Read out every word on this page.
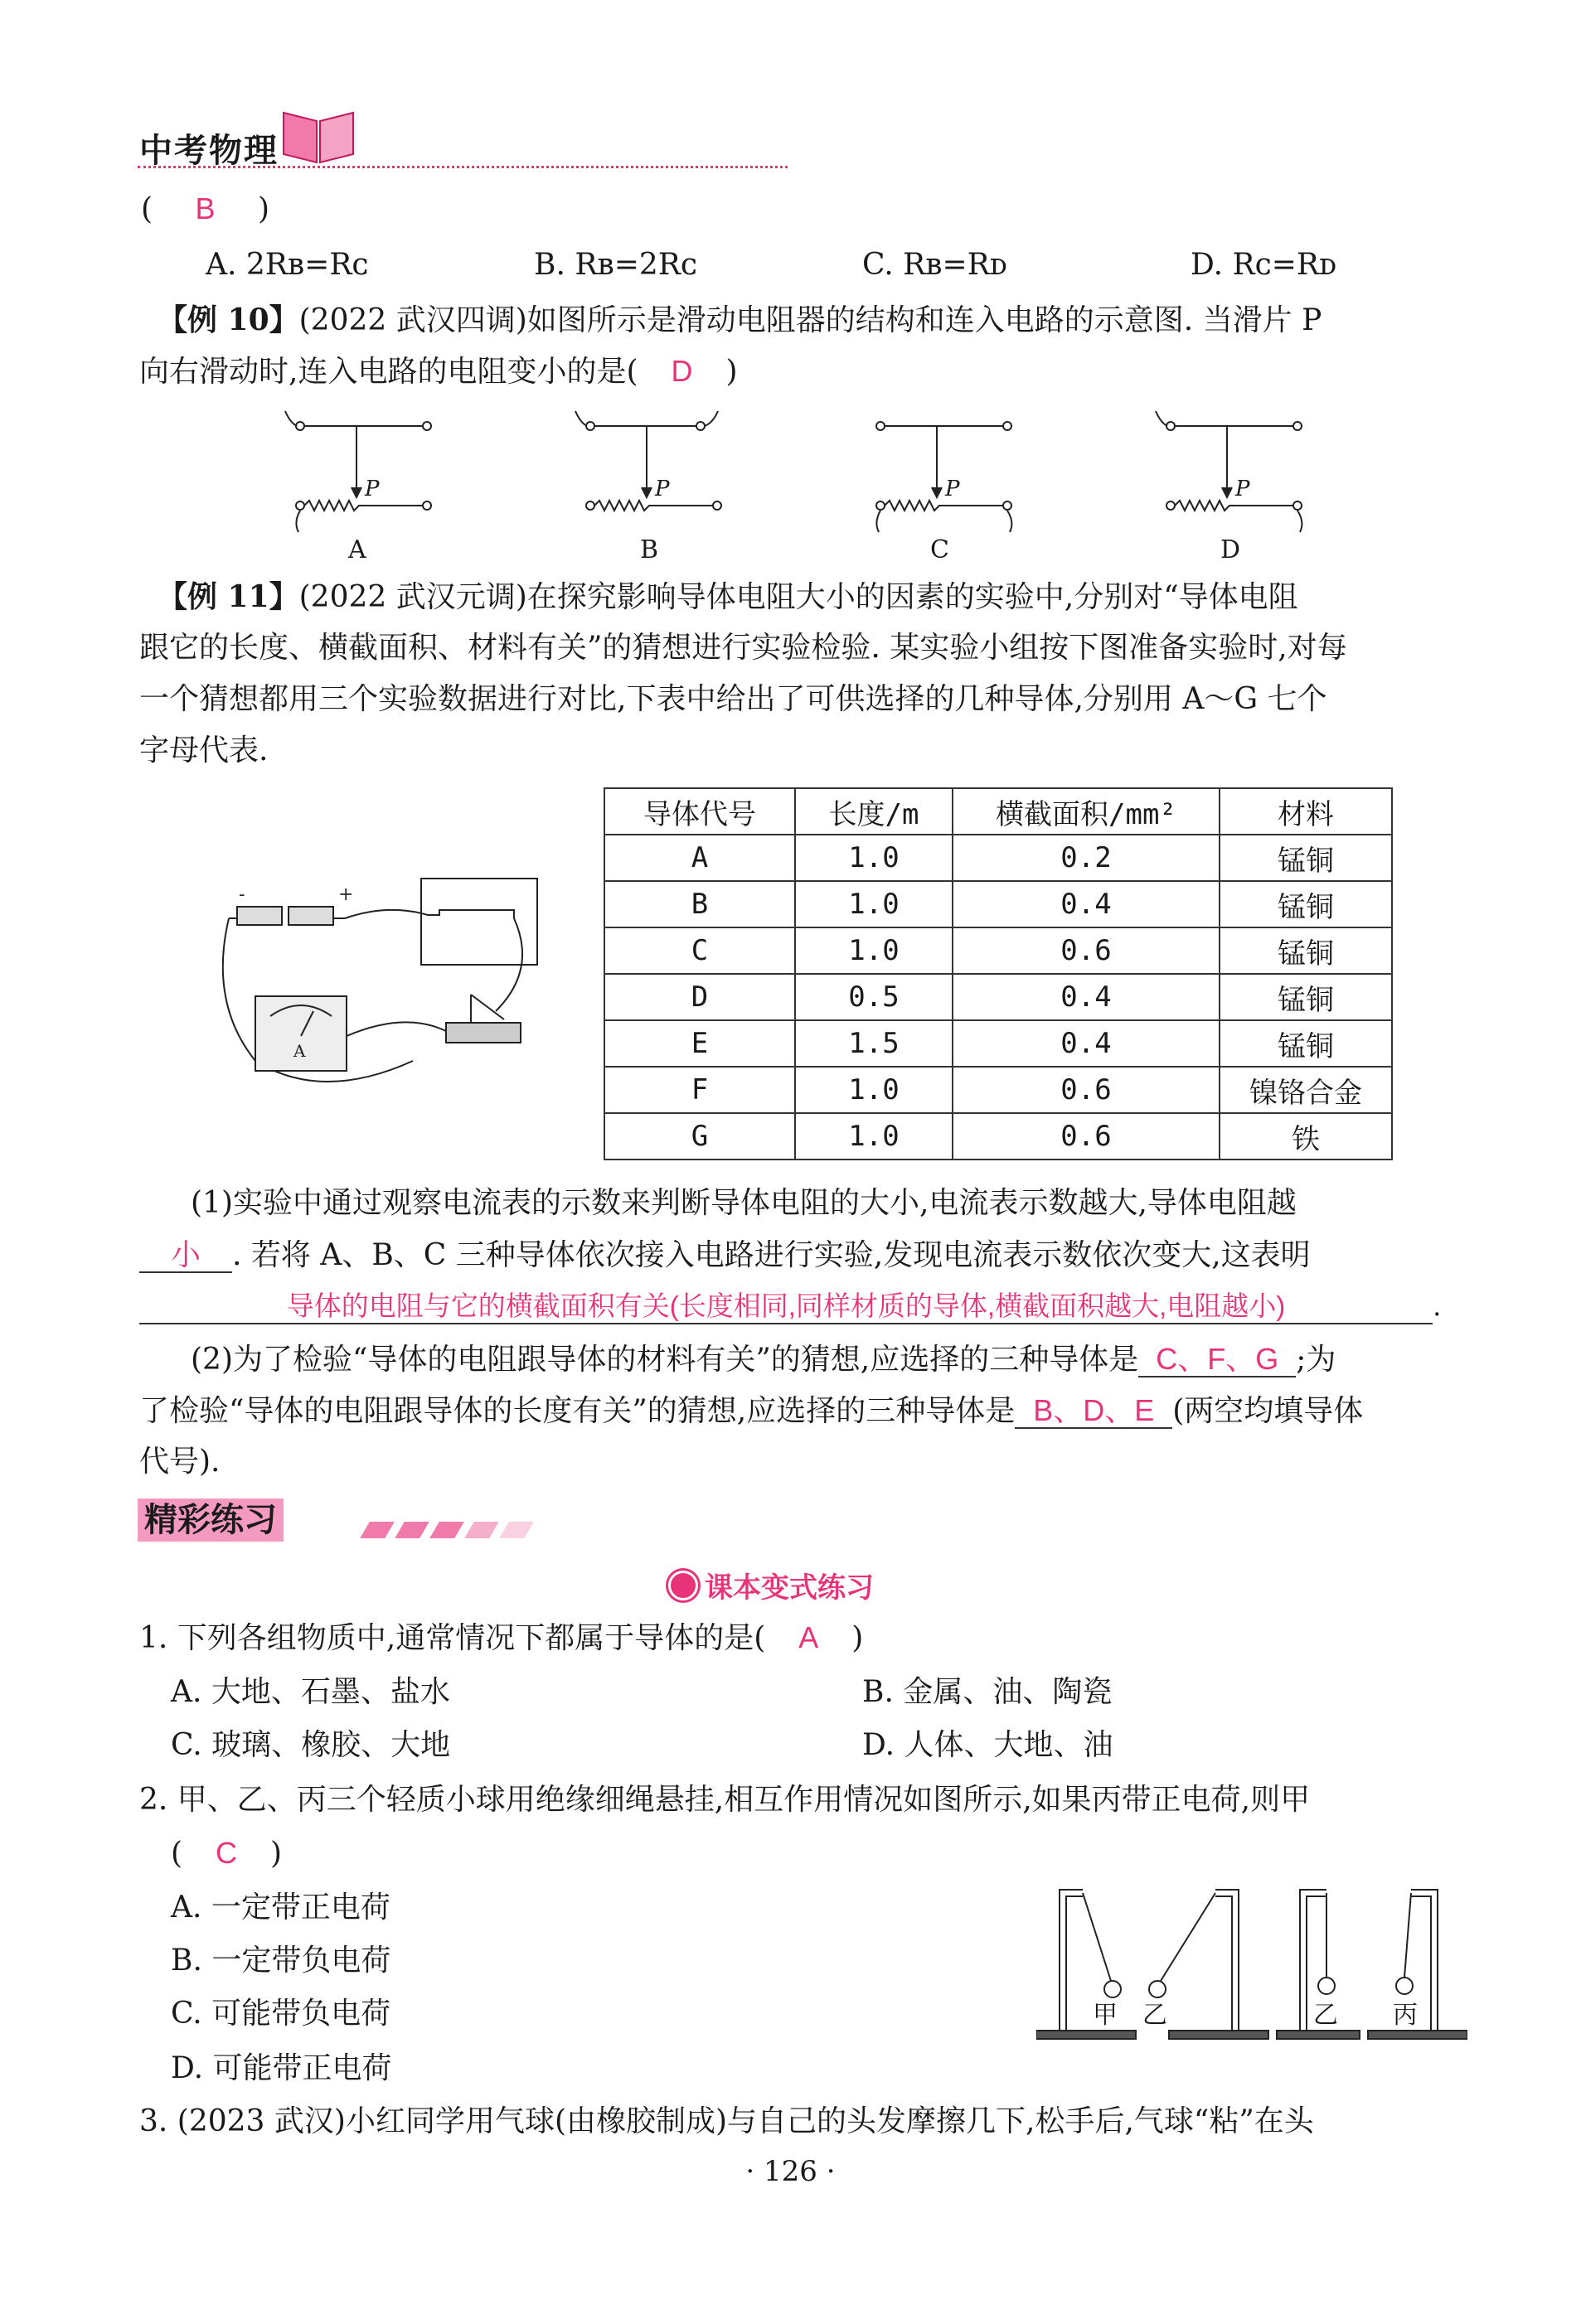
中考物理
( B )
A. 2Rʙ=Rᴄ	B. Rʙ=2Rᴄ	C. Rʙ=Rᴅ	D. Rᴄ=Rᴅ
【例 10】(2022 武汉四调)如图所示是滑动电阻器的结构和连入电路的示意图. 当滑片 P
向右滑动时,连入电路的电阻变小的是( D )
P	P	P	P
A	B	C	D
【例 11】(2022 武汉元调)在探究影响导体电阻大小的因素的实验中,分别对“导体电阻
跟它的长度、横截面积、材料有关”的猜想进行实验检验. 某实验小组按下图准备实验时,对每
一个猜想都用三个实验数据进行对比,下表中给出了可供选择的几种导体,分别用 A～G 七个
字母代表.
-	+
A
导体代号	长度/m	横截面积/mm²	材料
A	1.0	0.2	锰铜
B	1.0	0.4	锰铜
C	1.0	0.6	锰铜
D	0.5	0.4	锰铜
E	1.5	0.4	锰铜
F	1.0	0.6	镍铬合金
G	1.0	0.6	铁
(1)实验中通过观察电流表的示数来判断导体电阻的大小,电流表示数越大,导体电阻越
小 . 若将 A、B、C 三种导体依次接入电路进行实验,发现电流表示数依次变大,这表明
导体的电阻与它的横截面积有关(长度相同,同样材质的导体,横截面积越大,电阻越小)	.
(2)为了检验“导体的电阻跟导体的材料有关”的猜想,应选择的三种导体是 C、F、G ;为
了检验“导体的电阻跟导体的长度有关”的猜想,应选择的三种导体是 B、D、E (两空均填导体
代号).
精彩练习
课本变式练习
1. 下列各组物质中,通常情况下都属于导体的是( A )
A. 大地、石墨、盐水	B. 金属、油、陶瓷
C. 玻璃、橡胶、大地	D. 人体、大地、油
2. 甲、乙、丙三个轻质小球用绝缘细绳悬挂,相互作用情况如图所示,如果丙带正电荷,则甲
( C )
A. 一定带正电荷
B. 一定带负电荷
C. 可能带负电荷
D. 可能带正电荷
甲 乙	乙 丙
3. (2023 武汉)小红同学用气球(由橡胶制成)与自己的头发摩擦几下,松手后,气球“粘”在头
· 126 ·
